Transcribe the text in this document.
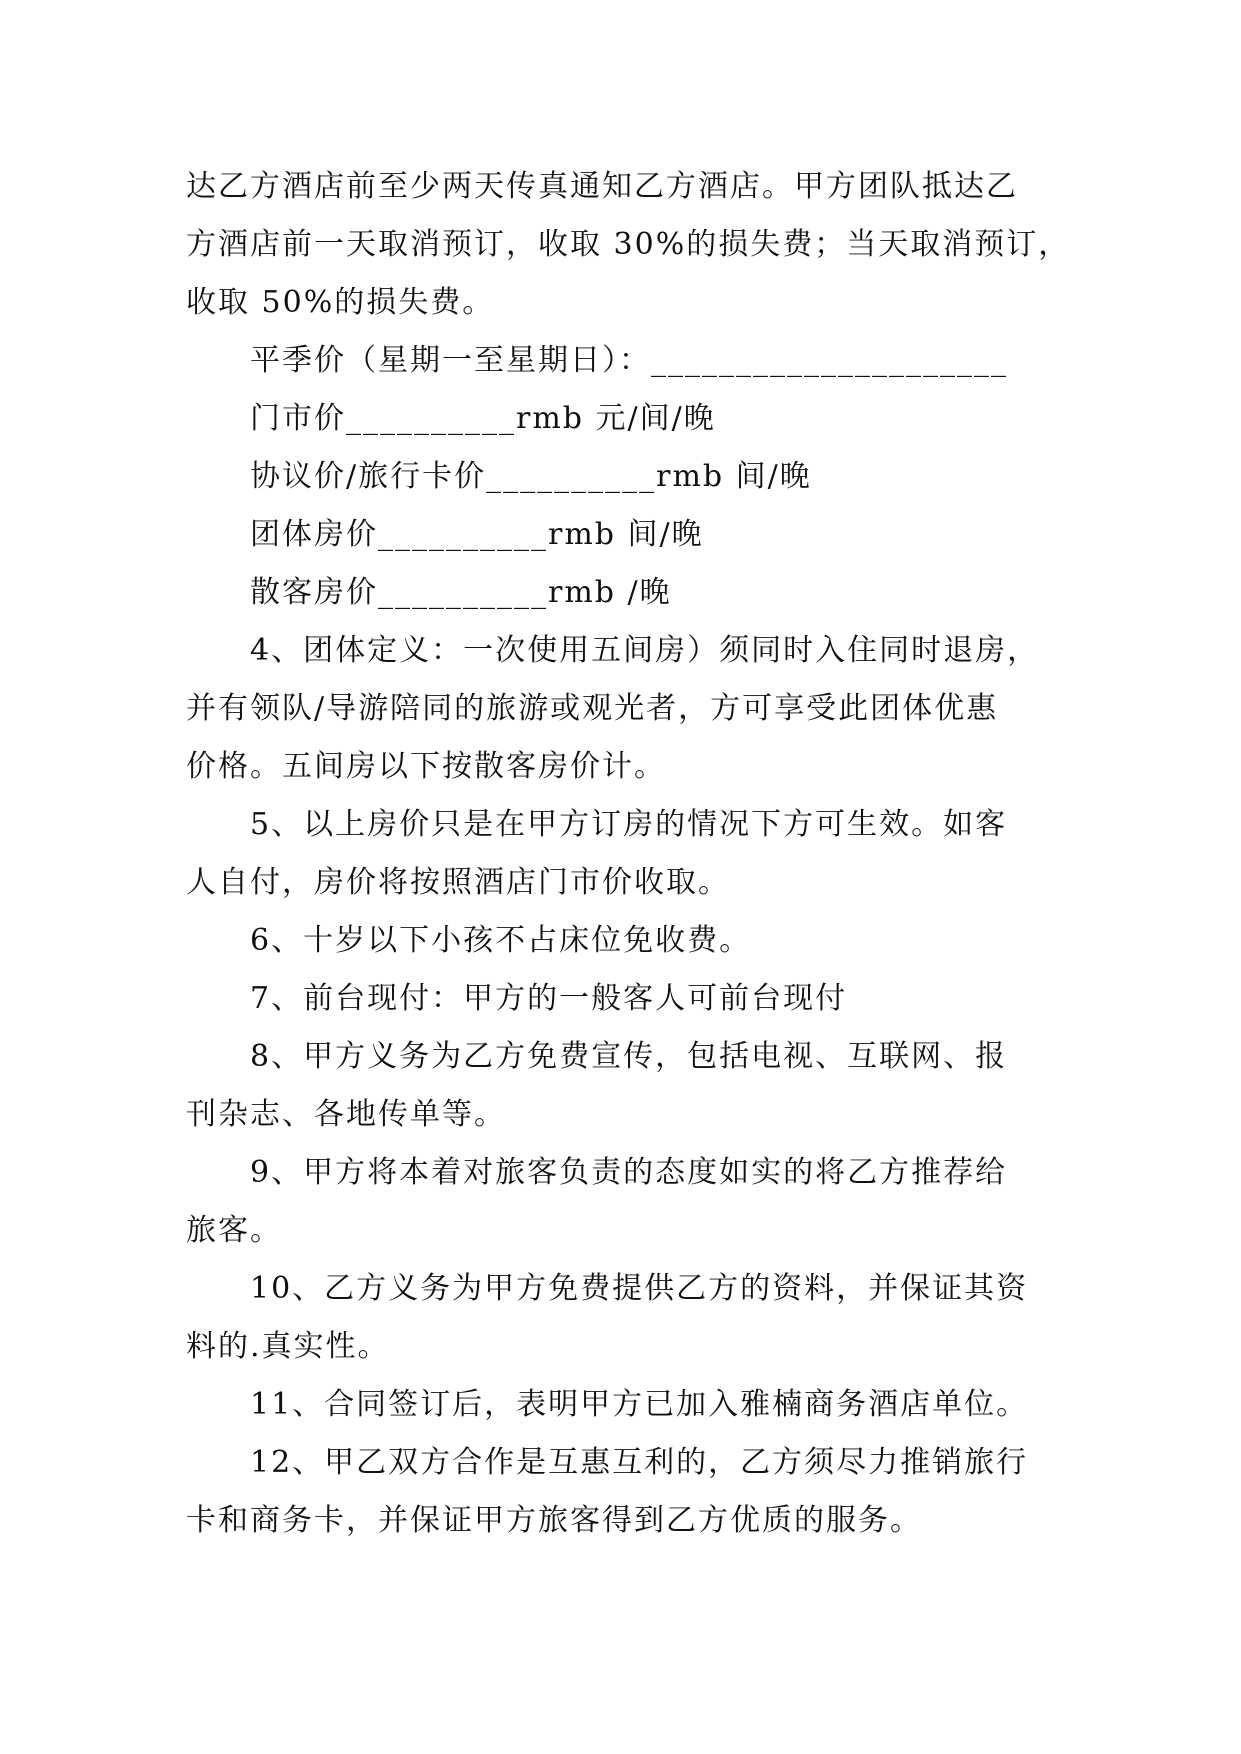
达乙方酒店前至少两天传真通知乙方酒店。甲方团队抵达乙
方酒店前一天取消预订，收取 30%的损失费；当天取消预订，
收取 50%的损失费。
平季价（星期一至星期日）：_____________________
门市价__________rmb 元/间/晚
协议价/旅行卡价__________rmb 间/晚
团体房价__________rmb 间/晚
散客房价__________rmb /晚
4、团体定义：一次使用五间房）须同时入住同时退房，
并有领队/导游陪同的旅游或观光者，方可享受此团体优惠
价格。五间房以下按散客房价计。
5、以上房价只是在甲方订房的情况下方可生效。如客
人自付，房价将按照酒店门市价收取。
6、十岁以下小孩不占床位免收费。
7、前台现付：甲方的一般客人可前台现付
8、甲方义务为乙方免费宣传，包括电视、互联网、报
刊杂志、各地传单等。
9、甲方将本着对旅客负责的态度如实的将乙方推荐给
旅客。
10、乙方义务为甲方免费提供乙方的资料，并保证其资
料的.真实性。
11、合同签订后，表明甲方已加入雅楠商务酒店单位。
12、甲乙双方合作是互惠互利的，乙方须尽力推销旅行
卡和商务卡，并保证甲方旅客得到乙方优质的服务。
